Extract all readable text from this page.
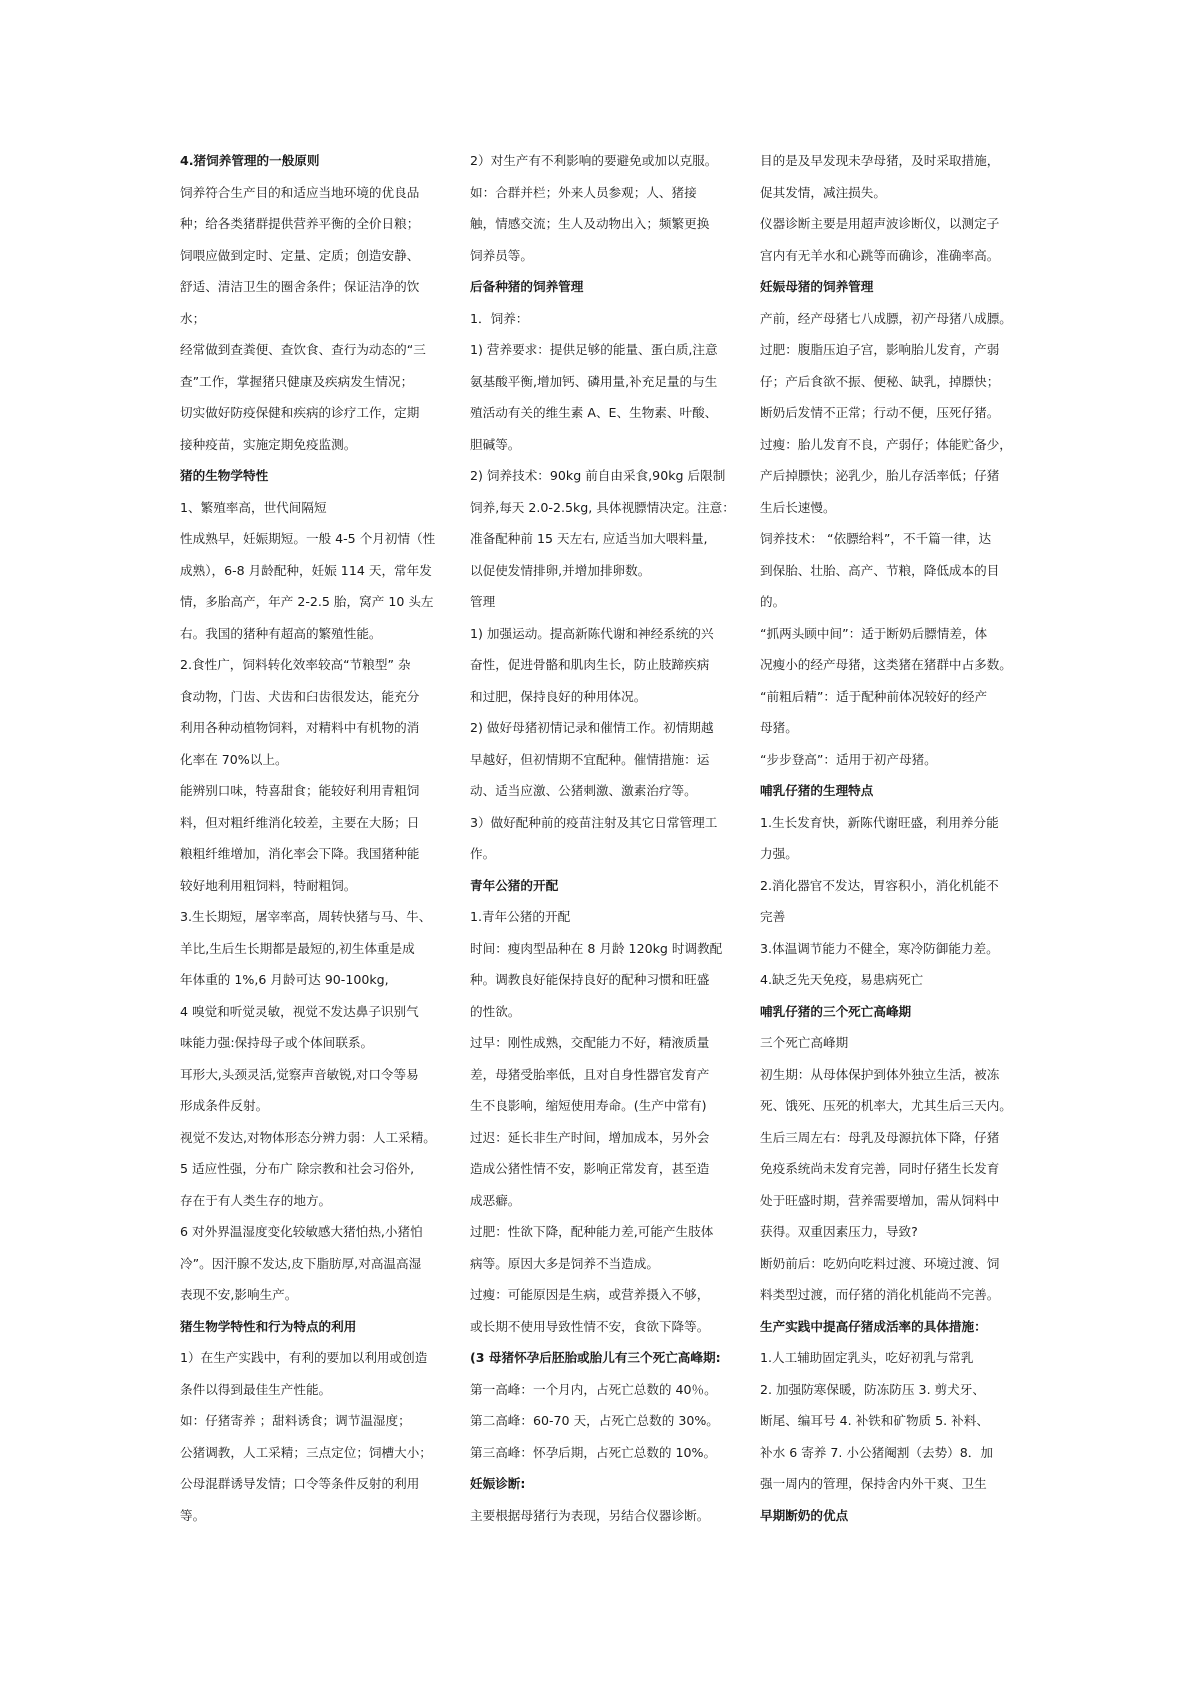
4.猪饲养管理的一般原则

饲养符合生产目的和适应当地环境的优良品

种；给各类猪群提供营养平衡的全价日粮；

饲喂应做到定时、定量、定质；创造安静、

舒适、清洁卫生的圈舍条件；保证洁净的饮

水；

经常做到查粪便、查饮食、查行为动态的“三

查”工作，掌握猪只健康及疾病发生情况；

切实做好防疫保健和疾病的诊疗工作，定期

接种疫苗，实施定期免疫监测。

猪的生物学特性

1、繁殖率高，世代间隔短

性成熟早，妊娠期短。一般 4-5 个月初情（性

成熟），6-8 月龄配种，妊娠 114 天，常年发

情，多胎高产，年产 2-2.5 胎，窝产 10 头左

右。我国的猪种有超高的繁殖性能。

2.食性广，饲料转化效率较高“节粮型” 杂

食动物，门齿、犬齿和臼齿很发达，能充分

利用各种动植物饲料，对精料中有机物的消

化率在 70%以上。

能辨别口味，特喜甜食；能较好利用青粗饲

料，但对粗纤维消化较差，主要在大肠；日

粮粗纤维增加，消化率会下降。我国猪种能

较好地利用粗饲料，特耐粗饲。

3.生长期短，屠宰率高，周转快猪与马、牛、

羊比,生后生长期都是最短的,初生体重是成

年体重的 1%,6 月龄可达 90-100kg,

4 嗅觉和听觉灵敏，视觉不发达鼻子识别气

味能力强:保持母子或个体间联系。

耳形大,头颈灵活,觉察声音敏锐,对口令等易

形成条件反射。

视觉不发达,对物体形态分辨力弱：人工采精。

5 适应性强，分布广 除宗教和社会习俗外,

存在于有人类生存的地方。

6 对外界温湿度变化较敏感大猪怕热,小猪怕

冷”。因汗腺不发达,皮下脂肪厚,对高温高湿

表现不安,影响生产。

猪生物学特性和行为特点的利用

1）在生产实践中，有利的要加以利用或创造

条件以得到最佳生产性能。

如：仔猪寄养 ；甜料诱食；调节温湿度；

公猪调教，人工采精；三点定位；饲槽大小；

公母混群诱导发情；口令等条件反射的利用

等。

2）对生产有不利影响的要避免或加以克服。

如：合群并栏；外来人员参观；人、猪接

触，情感交流；生人及动物出入；频繁更换

饲养员等。

后备种猪的饲养管理

1．饲养：

1) 营养要求：提供足够的能量、蛋白质,注意

氨基酸平衡,增加钙、磷用量,补充足量的与生

殖活动有关的维生素 A、E、生物素、叶酸、

胆碱等。

2) 饲养技术：90kg 前自由采食,90kg 后限制

饲养,每天 2.0-2.5kg, 具体视膘情决定。注意：

准备配种前 15 天左右, 应适当加大喂料量,

以促使发情排卵,并增加排卵数。

管理

1) 加强运动。提高新陈代谢和神经系统的兴

奋性，促进骨骼和肌肉生长，防止肢蹄疾病

和过肥，保持良好的种用体况。

2) 做好母猪初情记录和催情工作。初情期越

早越好，但初情期不宜配种。催情措施：运

动、适当应激、公猪刺激、激素治疗等。

3）做好配种前的疫苗注射及其它日常管理工

作。

青年公猪的开配

1.青年公猪的开配

时间：瘦肉型品种在 8 月龄 120kg 时调教配

种。调教良好能保持良好的配种习惯和旺盛

的性欲。

过早：刚性成熟，交配能力不好，精液质量

差，母猪受胎率低，且对自身性器官发育产

生不良影响，缩短使用寿命。(生产中常有)

过迟：延长非生产时间，增加成本，另外会

造成公猪性情不安，影响正常发育，甚至造

成恶癖。

过肥：性欲下降，配种能力差,可能产生肢体

病等。原因大多是饲养不当造成。

过瘦：可能原因是生病，或营养摄入不够，

或长期不使用导致性情不安，食欲下降等。

(3 母猪怀孕后胚胎或胎儿有三个死亡高峰期:

第一高峰：一个月内，占死亡总数的 40％。

第二高峰：60-70 天，占死亡总数的 30%。

第三高峰：怀孕后期，占死亡总数的 10%。

妊娠诊断:

主要根据母猪行为表现，另结合仪器诊断。

目的是及早发现未孕母猪，及时采取措施，

促其发情，减注损失。

仪器诊断主要是用超声波诊断仪，以测定子

宫内有无羊水和心跳等而确诊，准确率高。

妊娠母猪的饲养管理

产前，经产母猪七八成膘，初产母猪八成膘。

过肥：腹脂压迫子宫，影响胎儿发育，产弱

仔；产后食欲不振、便秘、缺乳，掉膘快；

断奶后发情不正常；行动不便，压死仔猪。

过瘦：胎儿发育不良，产弱仔；体能贮备少，

产后掉膘快；泌乳少，胎儿存活率低；仔猪

生后长速慢。

饲养技术： “依膘给料”，不千篇一律，达

到保胎、壮胎、高产、节粮，降低成本的目

的。

“抓两头顾中间”：适于断奶后膘情差，体

况瘦小的经产母猪，这类猪在猪群中占多数。

“前粗后精”：适于配种前体况较好的经产

母猪。

“步步登高”：适用于初产母猪。

哺乳仔猪的生理特点

1.生长发育快，新陈代谢旺盛，利用养分能

力强。

2.消化器官不发达，胃容积小，消化机能不

完善

3.体温调节能力不健全，寒冷防御能力差。

4.缺乏先天免疫，易患病死亡

哺乳仔猪的三个死亡高峰期

三个死亡高峰期

初生期：从母体保护到体外独立生活，被冻

死、饿死、压死的机率大，尤其生后三天内。

生后三周左右：母乳及母源抗体下降，仔猪

免疫系统尚未发育完善，同时仔猪生长发育

处于旺盛时期，营养需要增加，需从饲料中

获得。双重因素压力，导致?

断奶前后：吃奶向吃料过渡、环境过渡、饲

料类型过渡，而仔猪的消化机能尚不完善。

生产实践中提高仔猪成活率的具体措施：

1.人工辅助固定乳头，吃好初乳与常乳

2. 加强防寒保暖，防冻防压 3. 剪犬牙、

断尾、编耳号 4. 补铁和矿物质 5. 补料、

补水 6 寄养 7. 小公猪阉割（去势）8．加

强一周内的管理，保持舍内外干爽、卫生

早期断奶的优点
